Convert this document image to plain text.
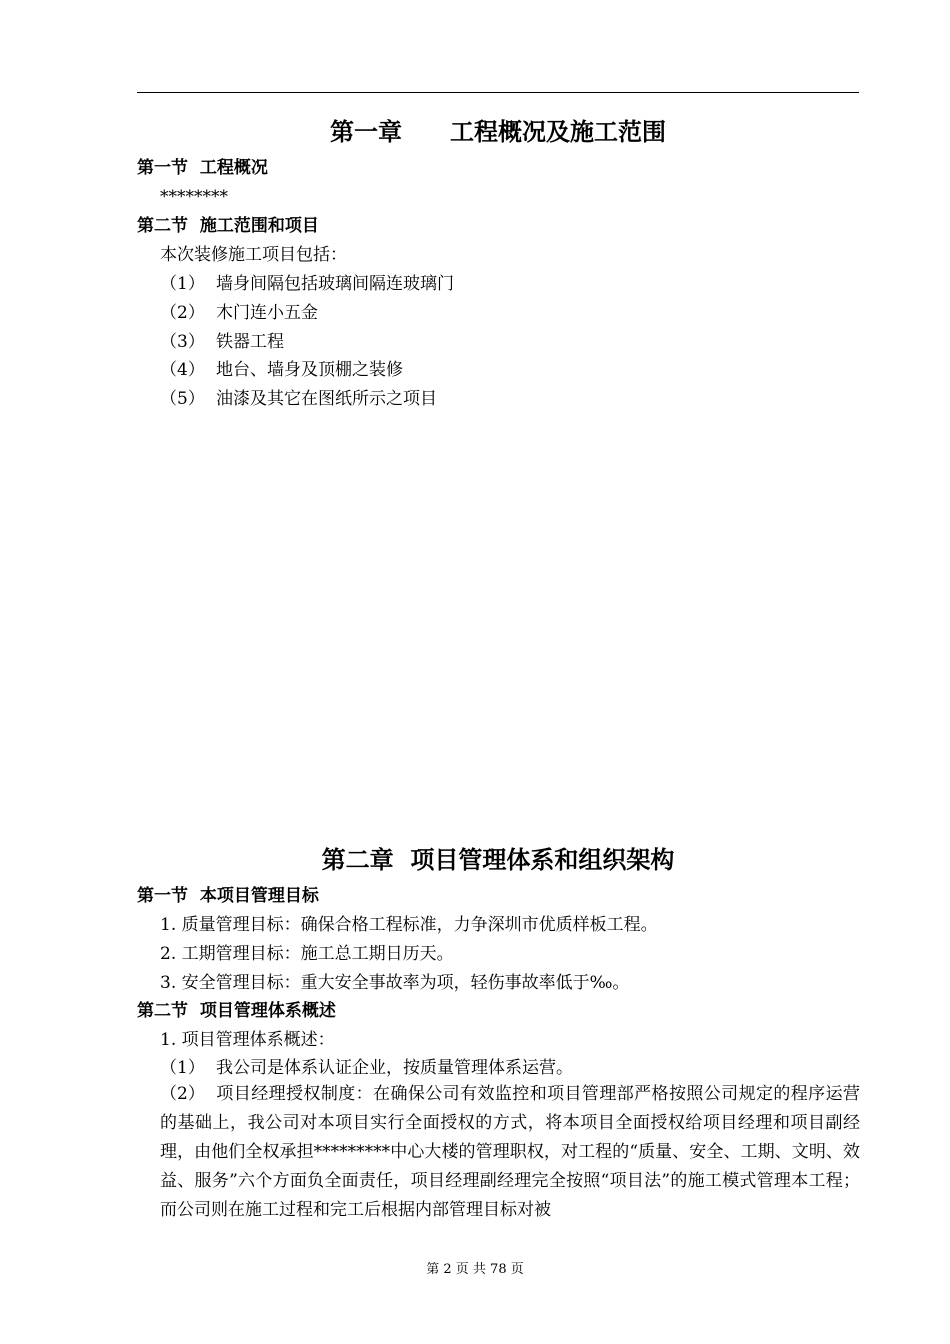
第一章　　工程概况及施工范围
第一节  工程概况
********
第二节  施工范围和项目
本次装修施工项目包括：
（1） 墙身间隔包括玻璃间隔连玻璃门
（2） 木门连小五金
（3） 铁器工程
（4） 地台、墙身及顶棚之装修
（5） 油漆及其它在图纸所示之项目
第二章  项目管理体系和组织架构
第一节  本项目管理目标
1. 质量管理目标：确保合格工程标准，力争深圳市优质样板工程。
2. 工期管理目标：施工总工期日历天。
3. 安全管理目标：重大安全事故率为项，轻伤事故率低于‰。
第二节  项目管理体系概述
1. 项目管理体系概述：
（1） 我公司是体系认证企业，按质量管理体系运营。
（2） 项目经理授权制度：在确保公司有效监控和项目管理部严格按照公司规定的程序运营的基础上，我公司对本项目实行全面授权的方式，将本项目全面授权给项目经理和项目副经理，由他们全权承担*********中心大楼的管理职权，对工程的“质量、安全、工期、文明、效益、服务”六个方面负全面责任，项目经理副经理完全按照“项目法”的施工模式管理本工程；而公司则在施工过程和完工后根据内部管理目标对被
第 2 页 共 78 页
